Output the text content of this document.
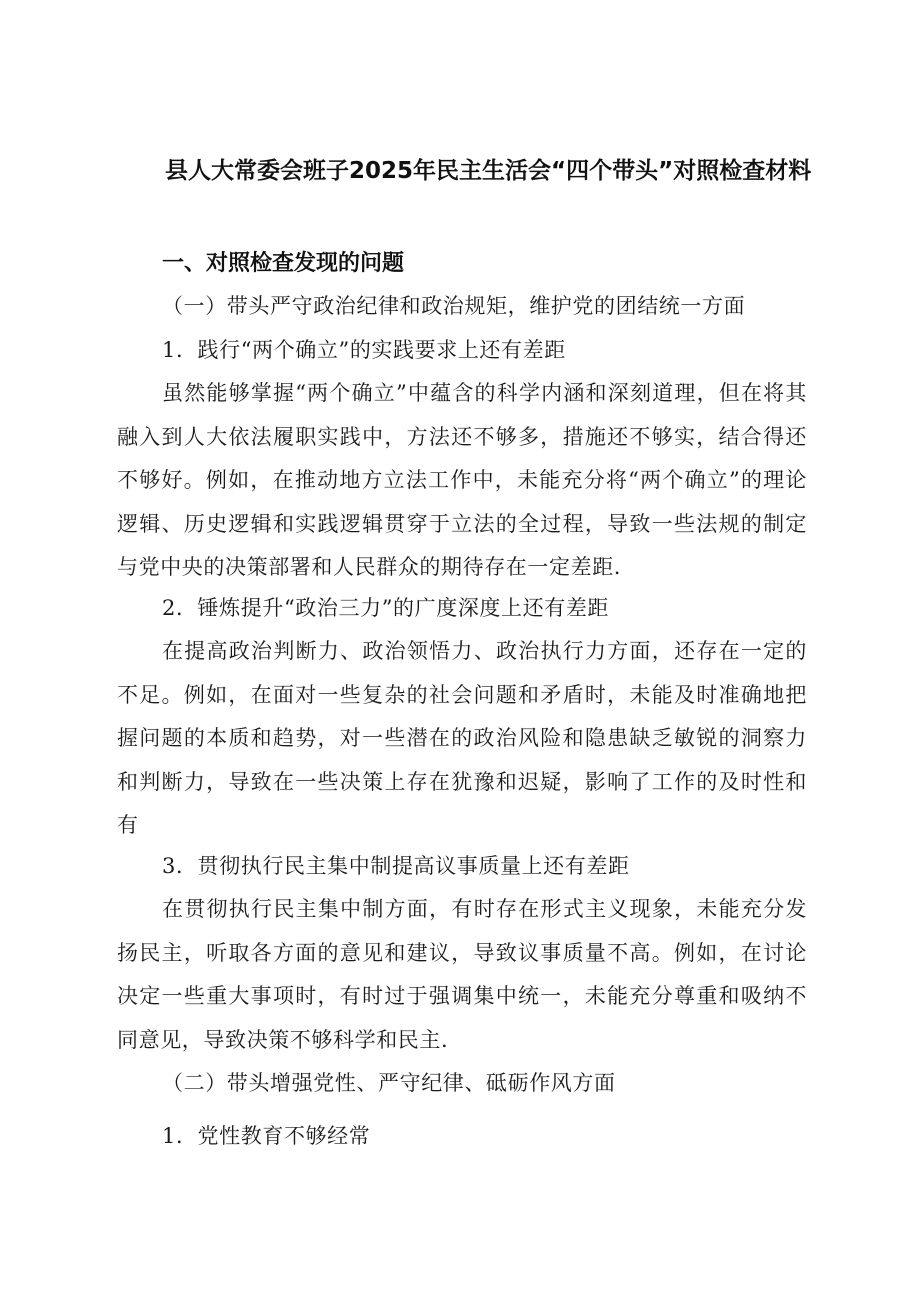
县人大常委会班子2025年民主生活会“四个带头”对照检查材料
一、对照检查发现的问题
（一）带头严守政治纪律和政治规矩，维护党的团结统一方面
1．践行“两个确立”的实践要求上还有差距
虽然能够掌握“两个确立”中蕴含的科学内涵和深刻道理，但在将其融入到人大依法履职实践中，方法还不够多，措施还不够实，结合得还不够好。例如，在推动地方立法工作中，未能充分将“两个确立”的理论逻辑、历史逻辑和实践逻辑贯穿于立法的全过程，导致一些法规的制定与党中央的决策部署和人民群众的期待存在一定差距.
2．锤炼提升“政治三力”的广度深度上还有差距
在提高政治判断力、政治领悟力、政治执行力方面，还存在一定的不足。例如，在面对一些复杂的社会问题和矛盾时，未能及时准确地把握问题的本质和趋势，对一些潜在的政治风险和隐患缺乏敏锐的洞察力和判断力，导致在一些决策上存在犹豫和迟疑，影响了工作的及时性和有
3．贯彻执行民主集中制提高议事质量上还有差距
在贯彻执行民主集中制方面，有时存在形式主义现象，未能充分发扬民主，听取各方面的意见和建议，导致议事质量不高。例如，在讨论决定一些重大事项时，有时过于强调集中统一，未能充分尊重和吸纳不同意见，导致决策不够科学和民主.
（二）带头增强党性、严守纪律、砥砺作风方面
1．党性教育不够经常
